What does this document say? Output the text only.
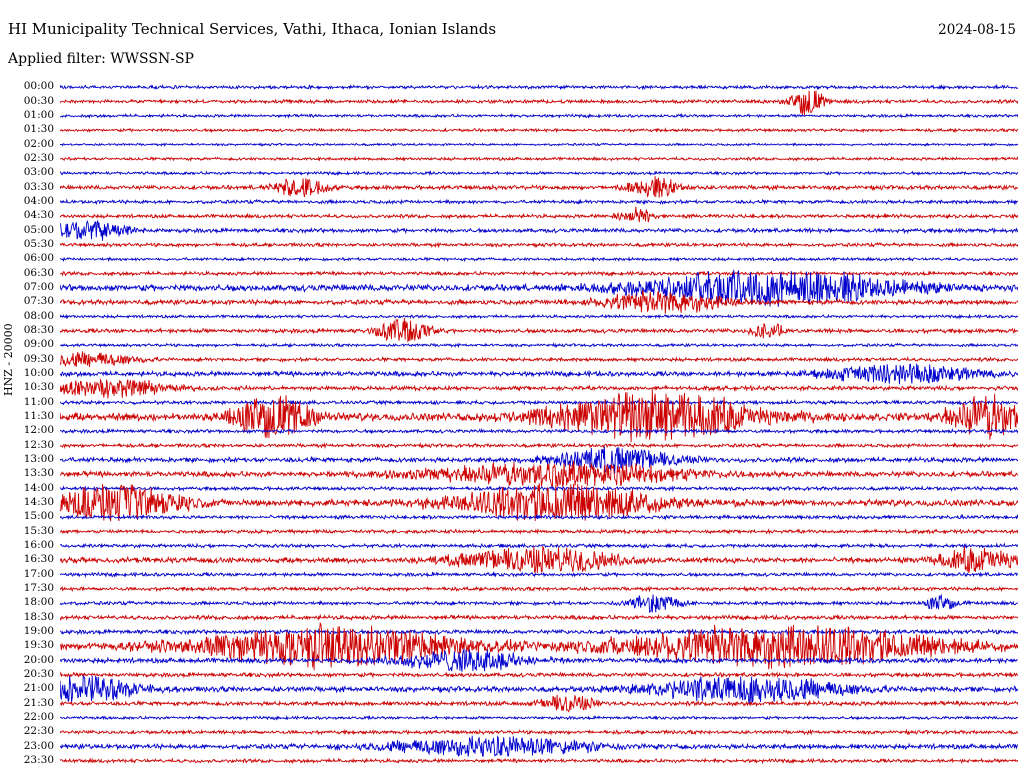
HI Municipality Technical Services, Vathi, Ithaca, Ionian Islands	2024-08-15
Applied filter: WWSSN-SP
HNZ - 20000
00:00
00:30
01:00
01:30
02:00
02:30
03:00
03:30
04:00
04:30
05:00
05:30
06:00
06:30
07:00
07:30
08:00
08:30
09:00
09:30
10:00
10:30
11:00
11:30
12:00
12:30
13:00
13:30
14:00
14:30
15:00
15:30
16:00
16:30
17:00
17:30
18:00
18:30
19:00
19:30
20:00
20:30
21:00
21:30
22:00
22:30
23:00
23:30
